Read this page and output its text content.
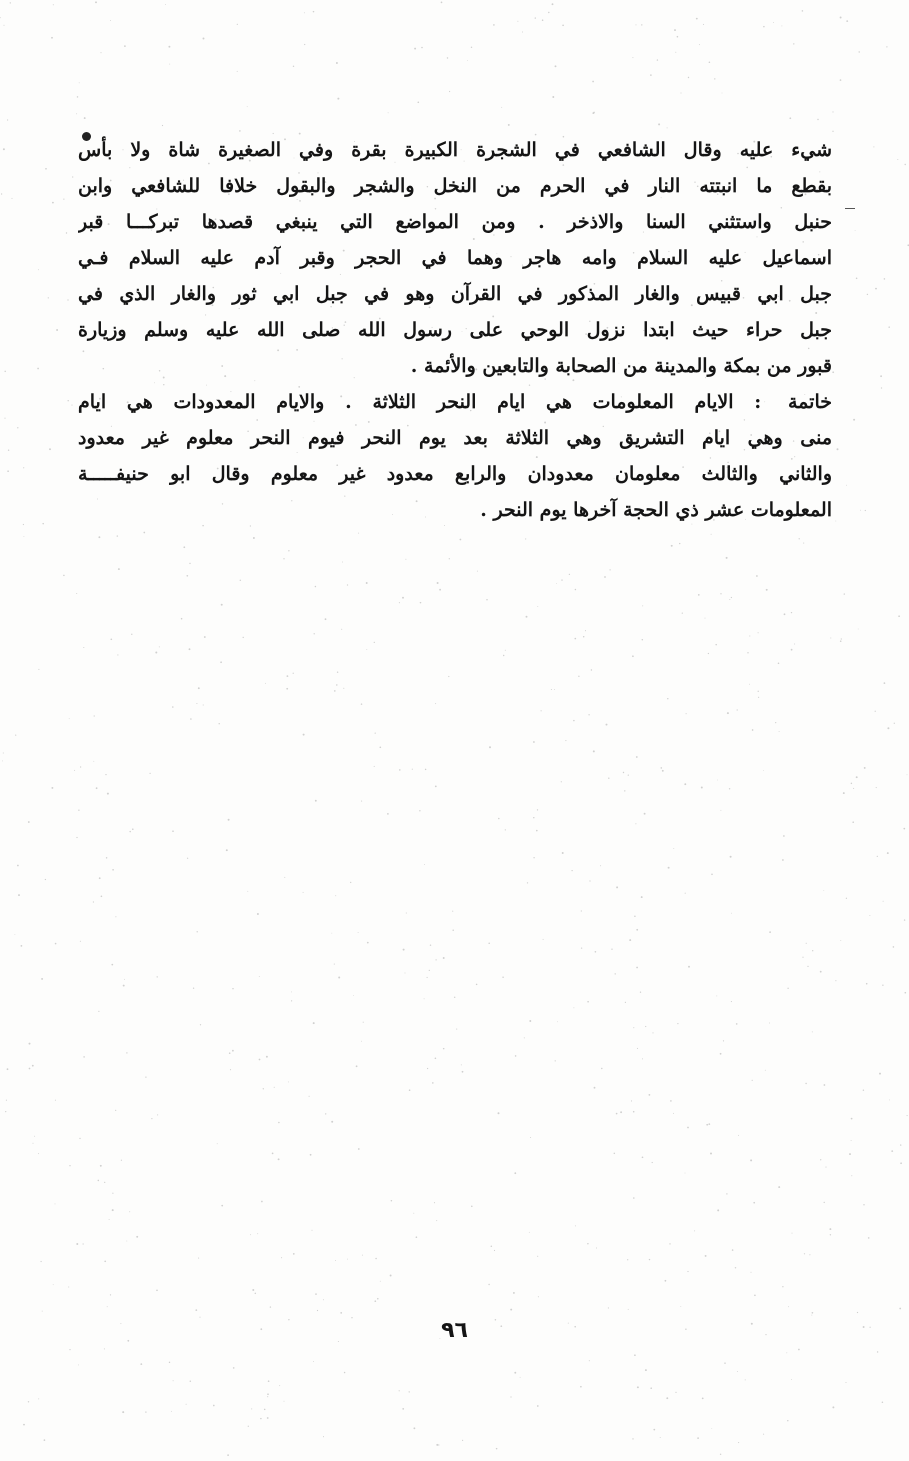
شيء عليه وقال الشافعي في الشجرة الكبيرة بقرة وفي الصغيرة شاة ولا بأس
بقطع ما انبتته النار في الحرم من النخل والشجر والبقول خلافا للشافعي وابن
حنبل واستثني السنا والاذخر . ومن المواضع التي ينبغي قصدها تبركـــا قبر
اسماعيل عليه السلام وامه هاجر وهما في الحجر وقبر آدم عليه السلام فـي
جبل ابي قبيس والغار المذكور في القرآن وهو في جبل ابي ثور والغار الذي في
جبل حراء حيث ابتدا نزول الوحي على رسول الله صلى الله عليه وسلم وزيارة
قبور من بمكة والمدينة من الصحابة والتابعين والأئمة .
خاتمة : الايام المعلومات هي ايام النحر الثلاثة . والايام المعدودات هي ايام
منى وهي ايام التشريق وهي الثلاثة بعد يوم النحر فيوم النحر معلوم غير معدود
والثاني والثالث معلومان معدودان والرابع معدود غير معلوم وقال ابو حنيفـــــة
المعلومات عشر ذي الحجة آخرها يوم النحر .
٩٦
